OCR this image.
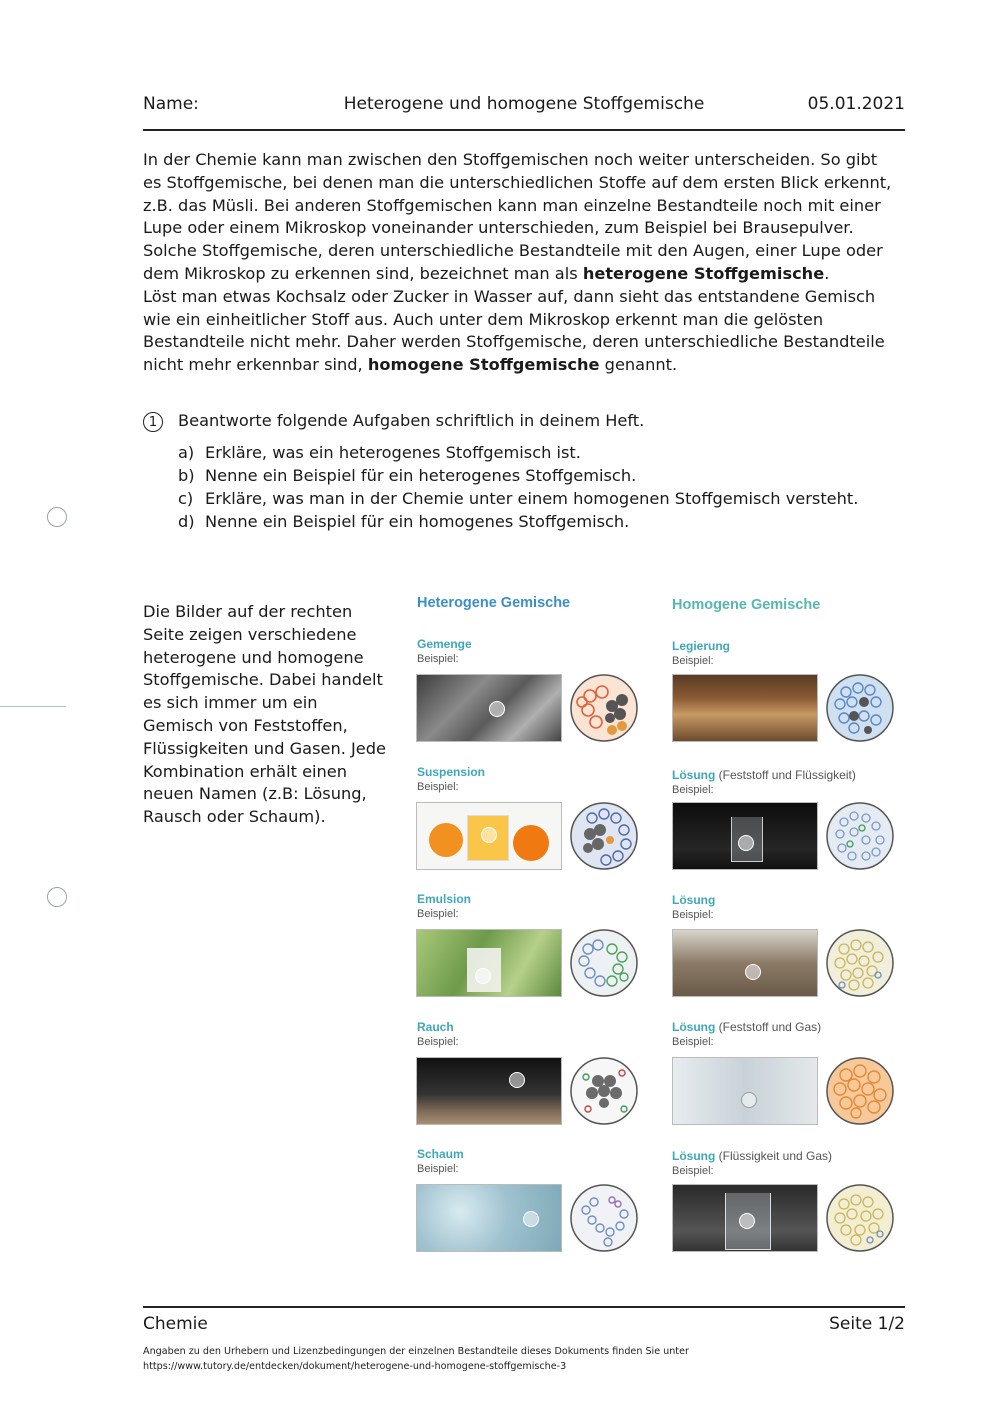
Name:	Heterogene und homogene Stoffgemische	05.01.2021

In der Chemie kann man zwischen den Stoffgemischen noch weiter unterscheiden. So gibt
es Stoffgemische, bei denen man die unterschiedlichen Stoffe auf dem ersten Blick erkennt,
z.B. das Müsli. Bei anderen Stoffgemischen kann man einzelne Bestandteile noch mit einer
Lupe oder einem Mikroskop voneinander unterschieden, zum Beispiel bei Brausepulver.
Solche Stoffgemische, deren unterschiedliche Bestandteile mit den Augen, einer Lupe oder
dem Mikroskop zu erkennen sind, bezeichnet man als heterogene Stoffgemische.
Löst man etwas Kochsalz oder Zucker in Wasser auf, dann sieht das entstandene Gemisch
wie ein einheitlicher Stoff aus. Auch unter dem Mikroskop erkennt man die gelösten
Bestandteile nicht mehr. Daher werden Stoffgemische, deren unterschiedliche Bestandteile
nicht mehr erkennbar sind, homogene Stoffgemische genannt.

1	Beantworte folgende Aufgaben schriftlich in deinem Heft.
a) Erkläre, was ein heterogenes Stoffgemisch ist.
b) Nenne ein Beispiel für ein heterogenes Stoffgemisch.
c) Erkläre, was man in der Chemie unter einem homogenen Stoffgemisch versteht.
d) Nenne ein Beispiel für ein homogenes Stoffgemisch.

Die Bilder auf der rechten
Seite zeigen verschiedene
heterogene und homogene
Stoffgemische. Dabei handelt
es sich immer um ein
Gemisch von Feststoffen,
Flüssigkeiten und Gasen. Jede
Kombination erhält einen
neuen Namen (z.B: Lösung,
Rausch oder Schaum).

Heterogene Gemische	Homogene Gemische
Gemenge
Beispiel:
Suspension
Beispiel:
Emulsion
Beispiel:
Rauch
Beispiel:
Schaum
Beispiel:
Legierung
Beispiel:
Lösung (Feststoff und Flüssigkeit)
Beispiel:
Lösung
Beispiel:
Lösung (Feststoff und Gas)
Beispiel:
Lösung (Flüssigkeit und Gas)
Beispiel:
Chemie	Seite 1/2
Angaben zu den Urhebern und Lizenzbedingungen der einzelnen Bestandteile dieses Dokuments finden Sie unter
https://www.tutory.de/entdecken/dokument/heterogene-und-homogene-stoffgemische-3
